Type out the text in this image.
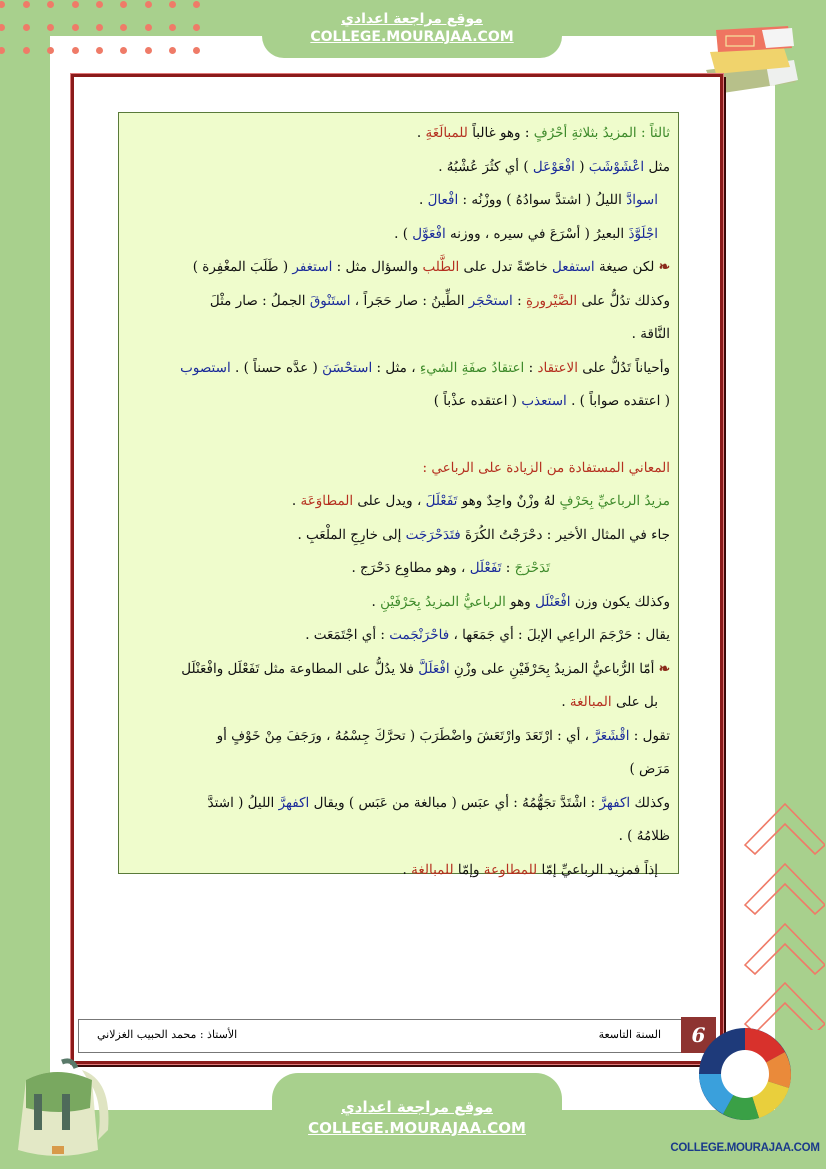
موقع مراجعة اعدادي
COLLEGE.MOURAJAA.COM
ثالثاً : المزيدُ بثلاثةِ أحْرُفٍ : وهو غالباً للمبالَغَةِ .
مثل اعْشَوْشَبَ ( افْعَوْعَل ) أي كثُرَ عُشْبُهُ .
اسوادَّ الليلُ ( اشتدَّ سوادُهُ ) ووزْنُه : افْعالَ .
اجْلَوَّذَ البعيرُ ( أسْرَعَ في سيره ، ووزنه افْعَوَّل ) .
❧ لكن صيغة استفعل خاصّةً تدل على الطَّلب والسؤال مثل : استغفر ( طَلَبَ المغْفِرة )
وكذلك تدُلُّ على الصَّيْرورةِ : استحْجَر الطِّينُ : صار حَجَراً ، استَنْوقَ الجملُ : صار مثْلَ
النَّاقة .
وأحياناً تَدُلُّ على الاعتقاد : اعتقادُ صفَةِ الشيءِ ، مثل : استحْسَنَ ( عدَّه حسناً ) . استصوب
( اعتقده صواباً ) . استعذب ( اعتقده عذْباً )
المعاني المستفادة من الزيادة على الرباعي :
مزيدُ الرباعيِّ بِحَرْفٍ لهُ وزْنٌ واحِدٌ وهو تَفَعْلَلَ ، ويدل على المطاوَعَة .
جاء في المثال الأخير : دحْرَجْتُ الكُرَةَ فتَدَحْرَجَت إلى خارِجِ الملْعَبِ .
تَدَحْرَجَ : تَفَعْلَل ، وهو مطاوِع دَحْرَج .
وكذلك يكون وزن افْعَنْلَل وهو الرباعيُّ المزيدُ بِحَرْفَيْنِ .
يقال : حَرْجَمَ الراعِي الإبلَ : أي جَمَعَها ، فاحْرَنْجَمت : أي اجْتَمَعَت .
❧ أمّا الرُّباعيُّ المزيدُ بِحَرْفَيْنِ على وزْنِ افْعَلَلَّ فلا يدُلُّ على المطاوعة مثل تَفَعْلَل وافْعَنْلَل
بل على المبالغة .
تقول : اقْشَعَرَّ ، أي : ارْتَعَدَ وارْتَعَشَ واضْطَرَبَ ( تحرَّكَ جِسْمُهُ ، ورَجَفَ مِنْ خَوْفٍ أو
مَرَض )
وكذلك اكفهرَّ : اشْتَدَّ تجَهُّمُهُ : أي عبَس ( مبالغة من عَبَس ) ويقال اكفهرَّ الليلُ ( اشتدَّ
ظلامُهُ ) .
إذاً فمزيد الرباعيِّ إمّا للمطاوعة وإمّا للمبالغة .
السنة التاسعة
الأستاذ : محمد الحبيب الغزلاني	6
موقع مراجعة اعدادي
COLLEGE.MOURAJAA.COM
COLLEGE.MOURAJAA.COM
